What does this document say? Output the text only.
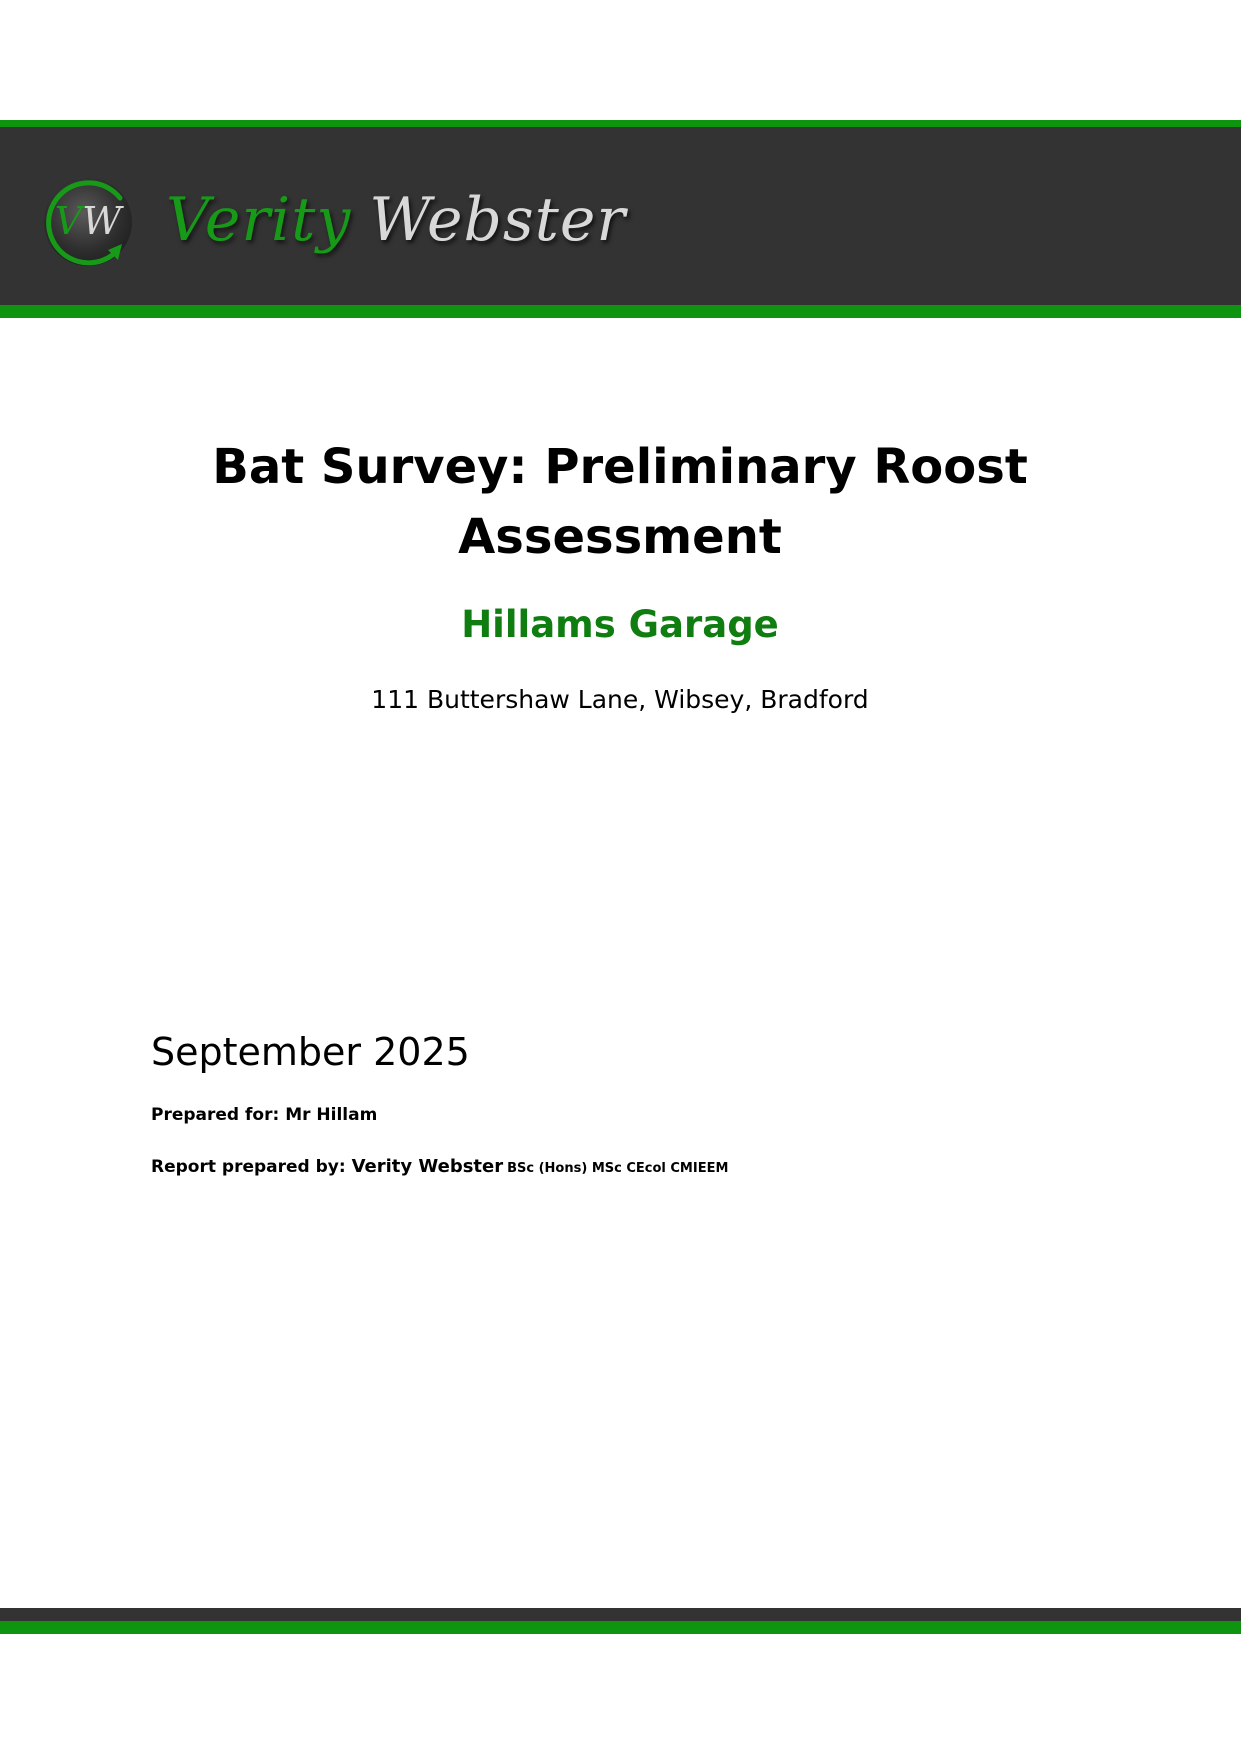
VW Verity Webster
Bat Survey: Preliminary Roost Assessment
Hillams Garage

111 Buttershaw Lane, Wibsey, Bradford

September 2025

Prepared for: Mr Hillam

Report prepared by: Verity Webster BSc (Hons) MSc CEcol CMIEEM
